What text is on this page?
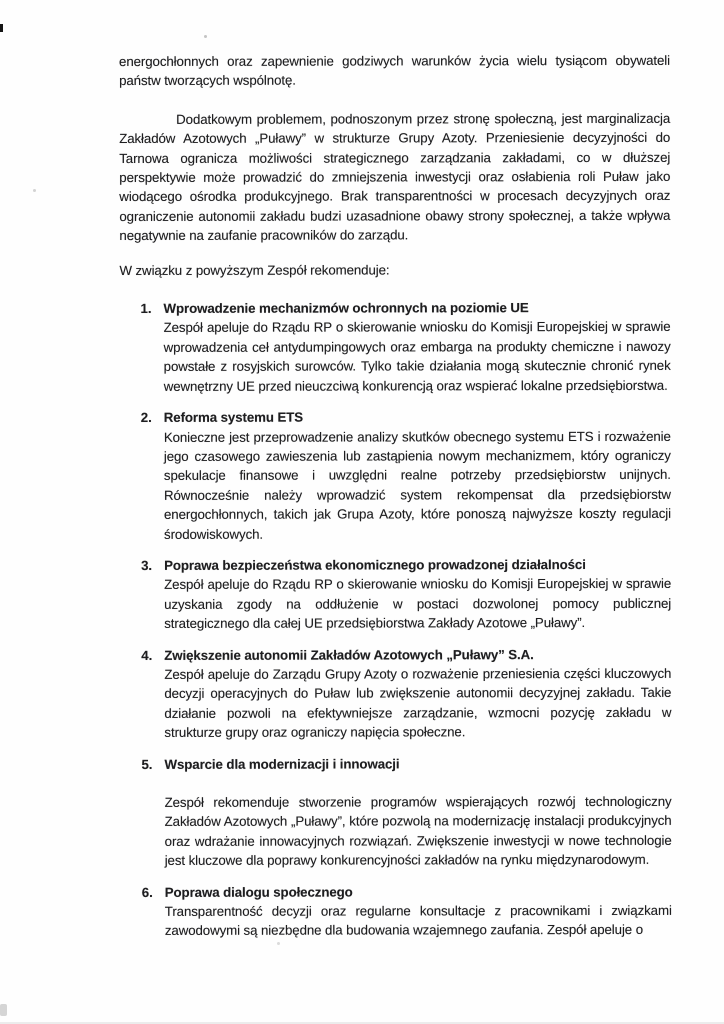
energochłonnych oraz zapewnienie godziwych warunków życia wielu tysiącom obywateli państw tworzących wspólnotę.

Dodatkowym problemem, podnoszonym przez stronę społeczną, jest marginalizacja Zakładów Azotowych „Puławy” w strukturze Grupy Azoty. Przeniesienie decyzyjności do Tarnowa ogranicza możliwości strategicznego zarządzania zakładami, co w dłuższej perspektywie może prowadzić do zmniejszenia inwestycji oraz osłabienia roli Puław jako wiodącego ośrodka produkcyjnego. Brak transparentności w procesach decyzyjnych oraz ograniczenie autonomii zakładu budzi uzasadnione obawy strony społecznej, a także wpływa negatywnie na zaufanie pracowników do zarządu.

W związku z powyższym Zespół rekomenduje:

1. Wprowadzenie mechanizmów ochronnych na poziomie UE
Zespół apeluje do Rządu RP o skierowanie wniosku do Komisji Europejskiej w sprawie wprowadzenia ceł antydumpingowych oraz embarga na produkty chemiczne i nawozy powstałe z rosyjskich surowców. Tylko takie działania mogą skutecznie chronić rynek wewnętrzny UE przed nieuczciwą konkurencją oraz wspierać lokalne przedsiębiorstwa.
2. Reforma systemu ETS
Konieczne jest przeprowadzenie analizy skutków obecnego systemu ETS i rozważenie jego czasowego zawieszenia lub zastąpienia nowym mechanizmem, który ograniczy spekulacje finansowe i uwzględni realne potrzeby przedsiębiorstw unijnych. Równocześnie należy wprowadzić system rekompensat dla przedsiębiorstw energochłonnych, takich jak Grupa Azoty, które ponoszą najwyższe koszty regulacji środowiskowych.
3. Poprawa bezpieczeństwa ekonomicznego prowadzonej działalności
Zespół apeluje do Rządu RP o skierowanie wniosku do Komisji Europejskiej w sprawie uzyskania zgody na oddłużenie w postaci dozwolonej pomocy publicznej strategicznego dla całej UE przedsiębiorstwa Zakłady Azotowe „Puławy”.
4. Zwiększenie autonomii Zakładów Azotowych „Puławy” S.A.
Zespół apeluje do Zarządu Grupy Azoty o rozważenie przeniesienia części kluczowych decyzji operacyjnych do Puław lub zwiększenie autonomii decyzyjnej zakładu. Takie działanie pozwoli na efektywniejsze zarządzanie, wzmocni pozycję zakładu w strukturze grupy oraz ograniczy napięcia społeczne.
5. Wsparcie dla modernizacji i innowacji
Zespół rekomenduje stworzenie programów wspierających rozwój technologiczny Zakładów Azotowych „Puławy”, które pozwolą na modernizację instalacji produkcyjnych oraz wdrażanie innowacyjnych rozwiązań. Zwiększenie inwestycji w nowe technologie jest kluczowe dla poprawy konkurencyjności zakładów na rynku międzynarodowym.
6. Poprawa dialogu społecznego
Transparentność decyzji oraz regularne konsultacje z pracownikami i związkami zawodowymi są niezbędne dla budowania wzajemnego zaufania. Zespół apeluje o
